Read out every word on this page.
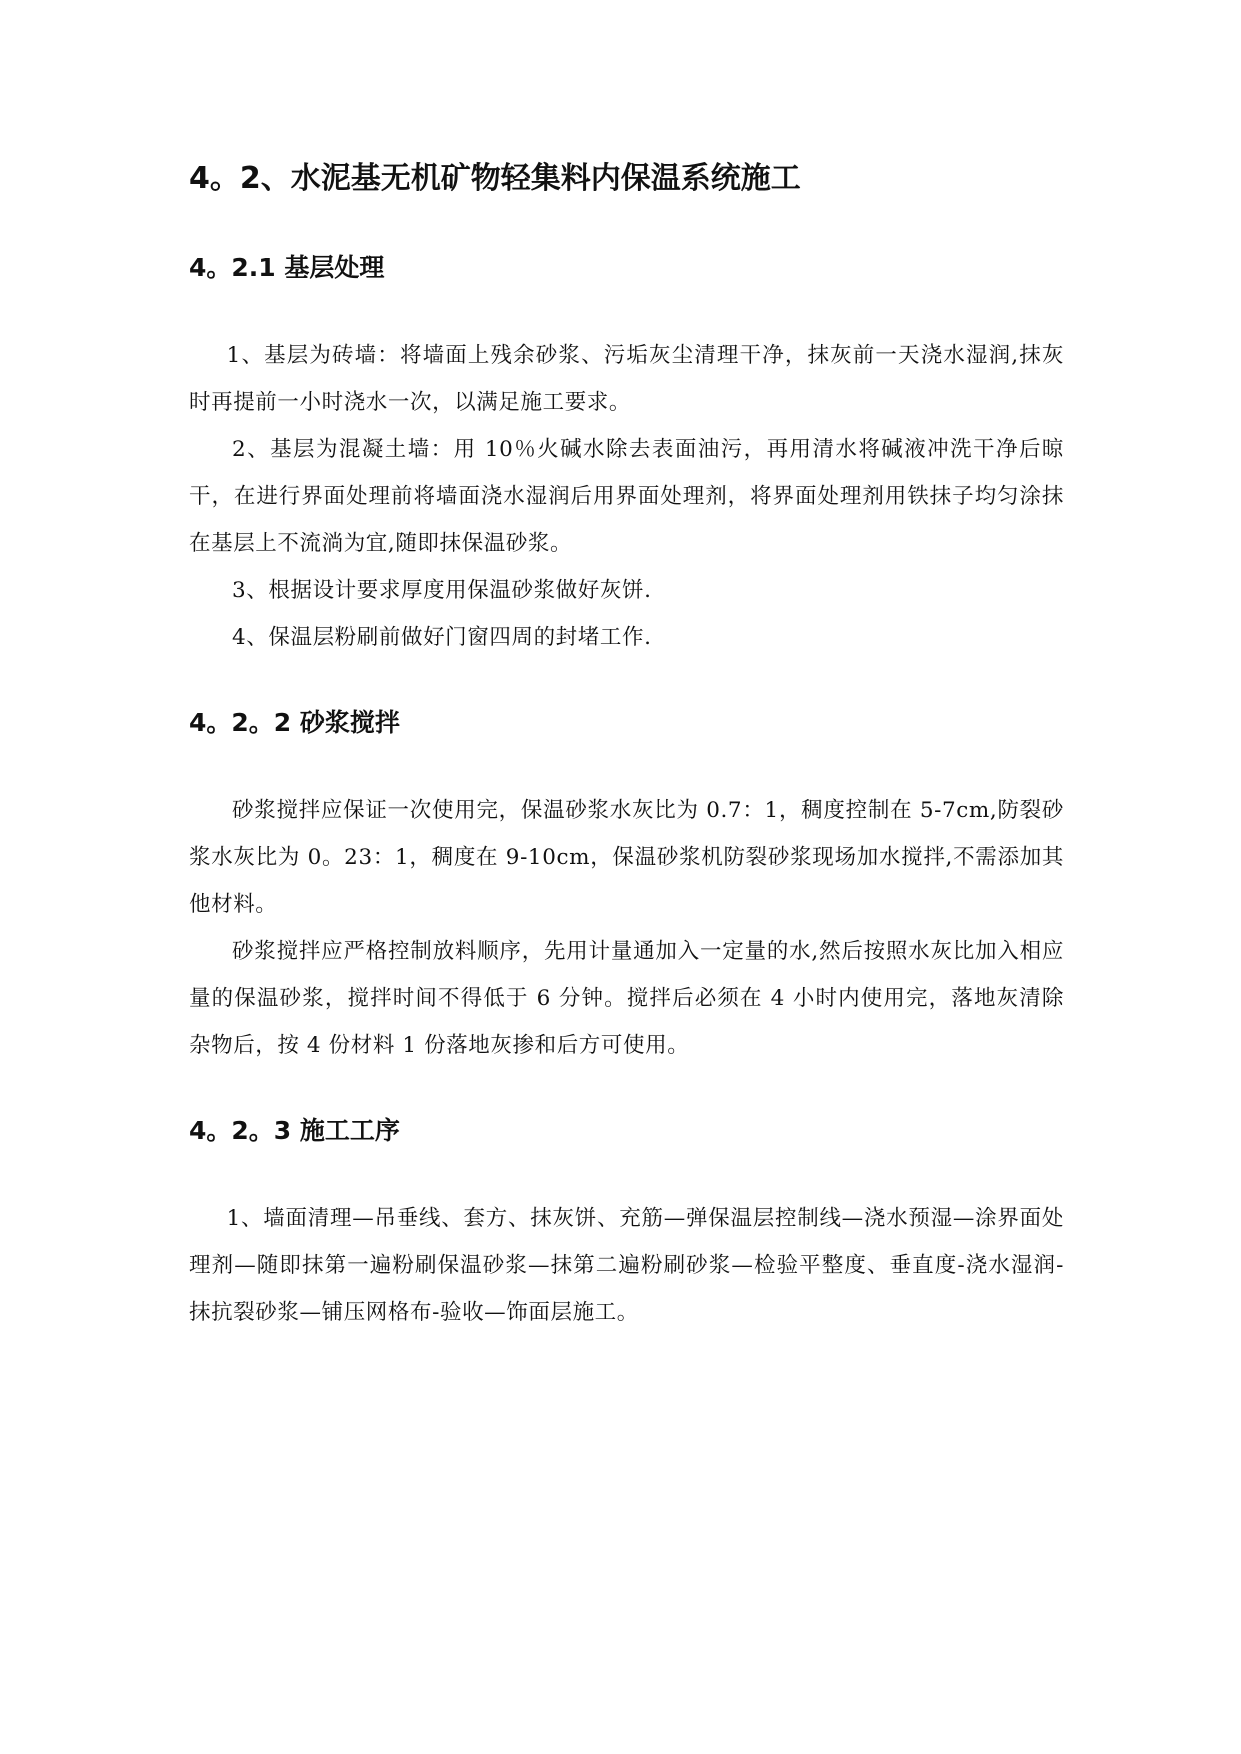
4。2、水泥基无机矿物轻集料内保温系统施工
4。2.1 基层处理

1、基层为砖墙：将墙面上残余砂浆、污垢灰尘清理干净，抹灰前一天浇水湿润,抹灰时再提前一小时浇水一次，以满足施工要求。

2、基层为混凝土墙：用 10％火碱水除去表面油污，再用清水将碱液冲洗干净后晾干，在进行界面处理前将墙面浇水湿润后用界面处理剂，将界面处理剂用铁抹子均匀涂抹在基层上不流淌为宜,随即抹保温砂浆。

3、根据设计要求厚度用保温砂浆做好灰饼.

4、保温层粉刷前做好门窗四周的封堵工作.

4。2。2 砂浆搅拌

砂浆搅拌应保证一次使用完，保温砂浆水灰比为 0.7：1，稠度控制在 5-7cm,防裂砂浆水灰比为 0。23：1，稠度在 9-10cm，保温砂浆机防裂砂浆现场加水搅拌,不需添加其他材料。

砂浆搅拌应严格控制放料顺序，先用计量通加入一定量的水,然后按照水灰比加入相应量的保温砂浆，搅拌时间不得低于 6 分钟。搅拌后必须在 4 小时内使用完，落地灰清除杂物后，按 4 份材料 1 份落地灰掺和后方可使用。

4。2。3 施工工序

1、墙面清理—吊垂线、套方、抹灰饼、充筋—弹保温层控制线—浇水预湿—涂界面处理剂—随即抹第一遍粉刷保温砂浆—抹第二遍粉刷砂浆—检验平整度、垂直度-浇水湿润-抹抗裂砂浆—铺压网格布-验收—饰面层施工。
